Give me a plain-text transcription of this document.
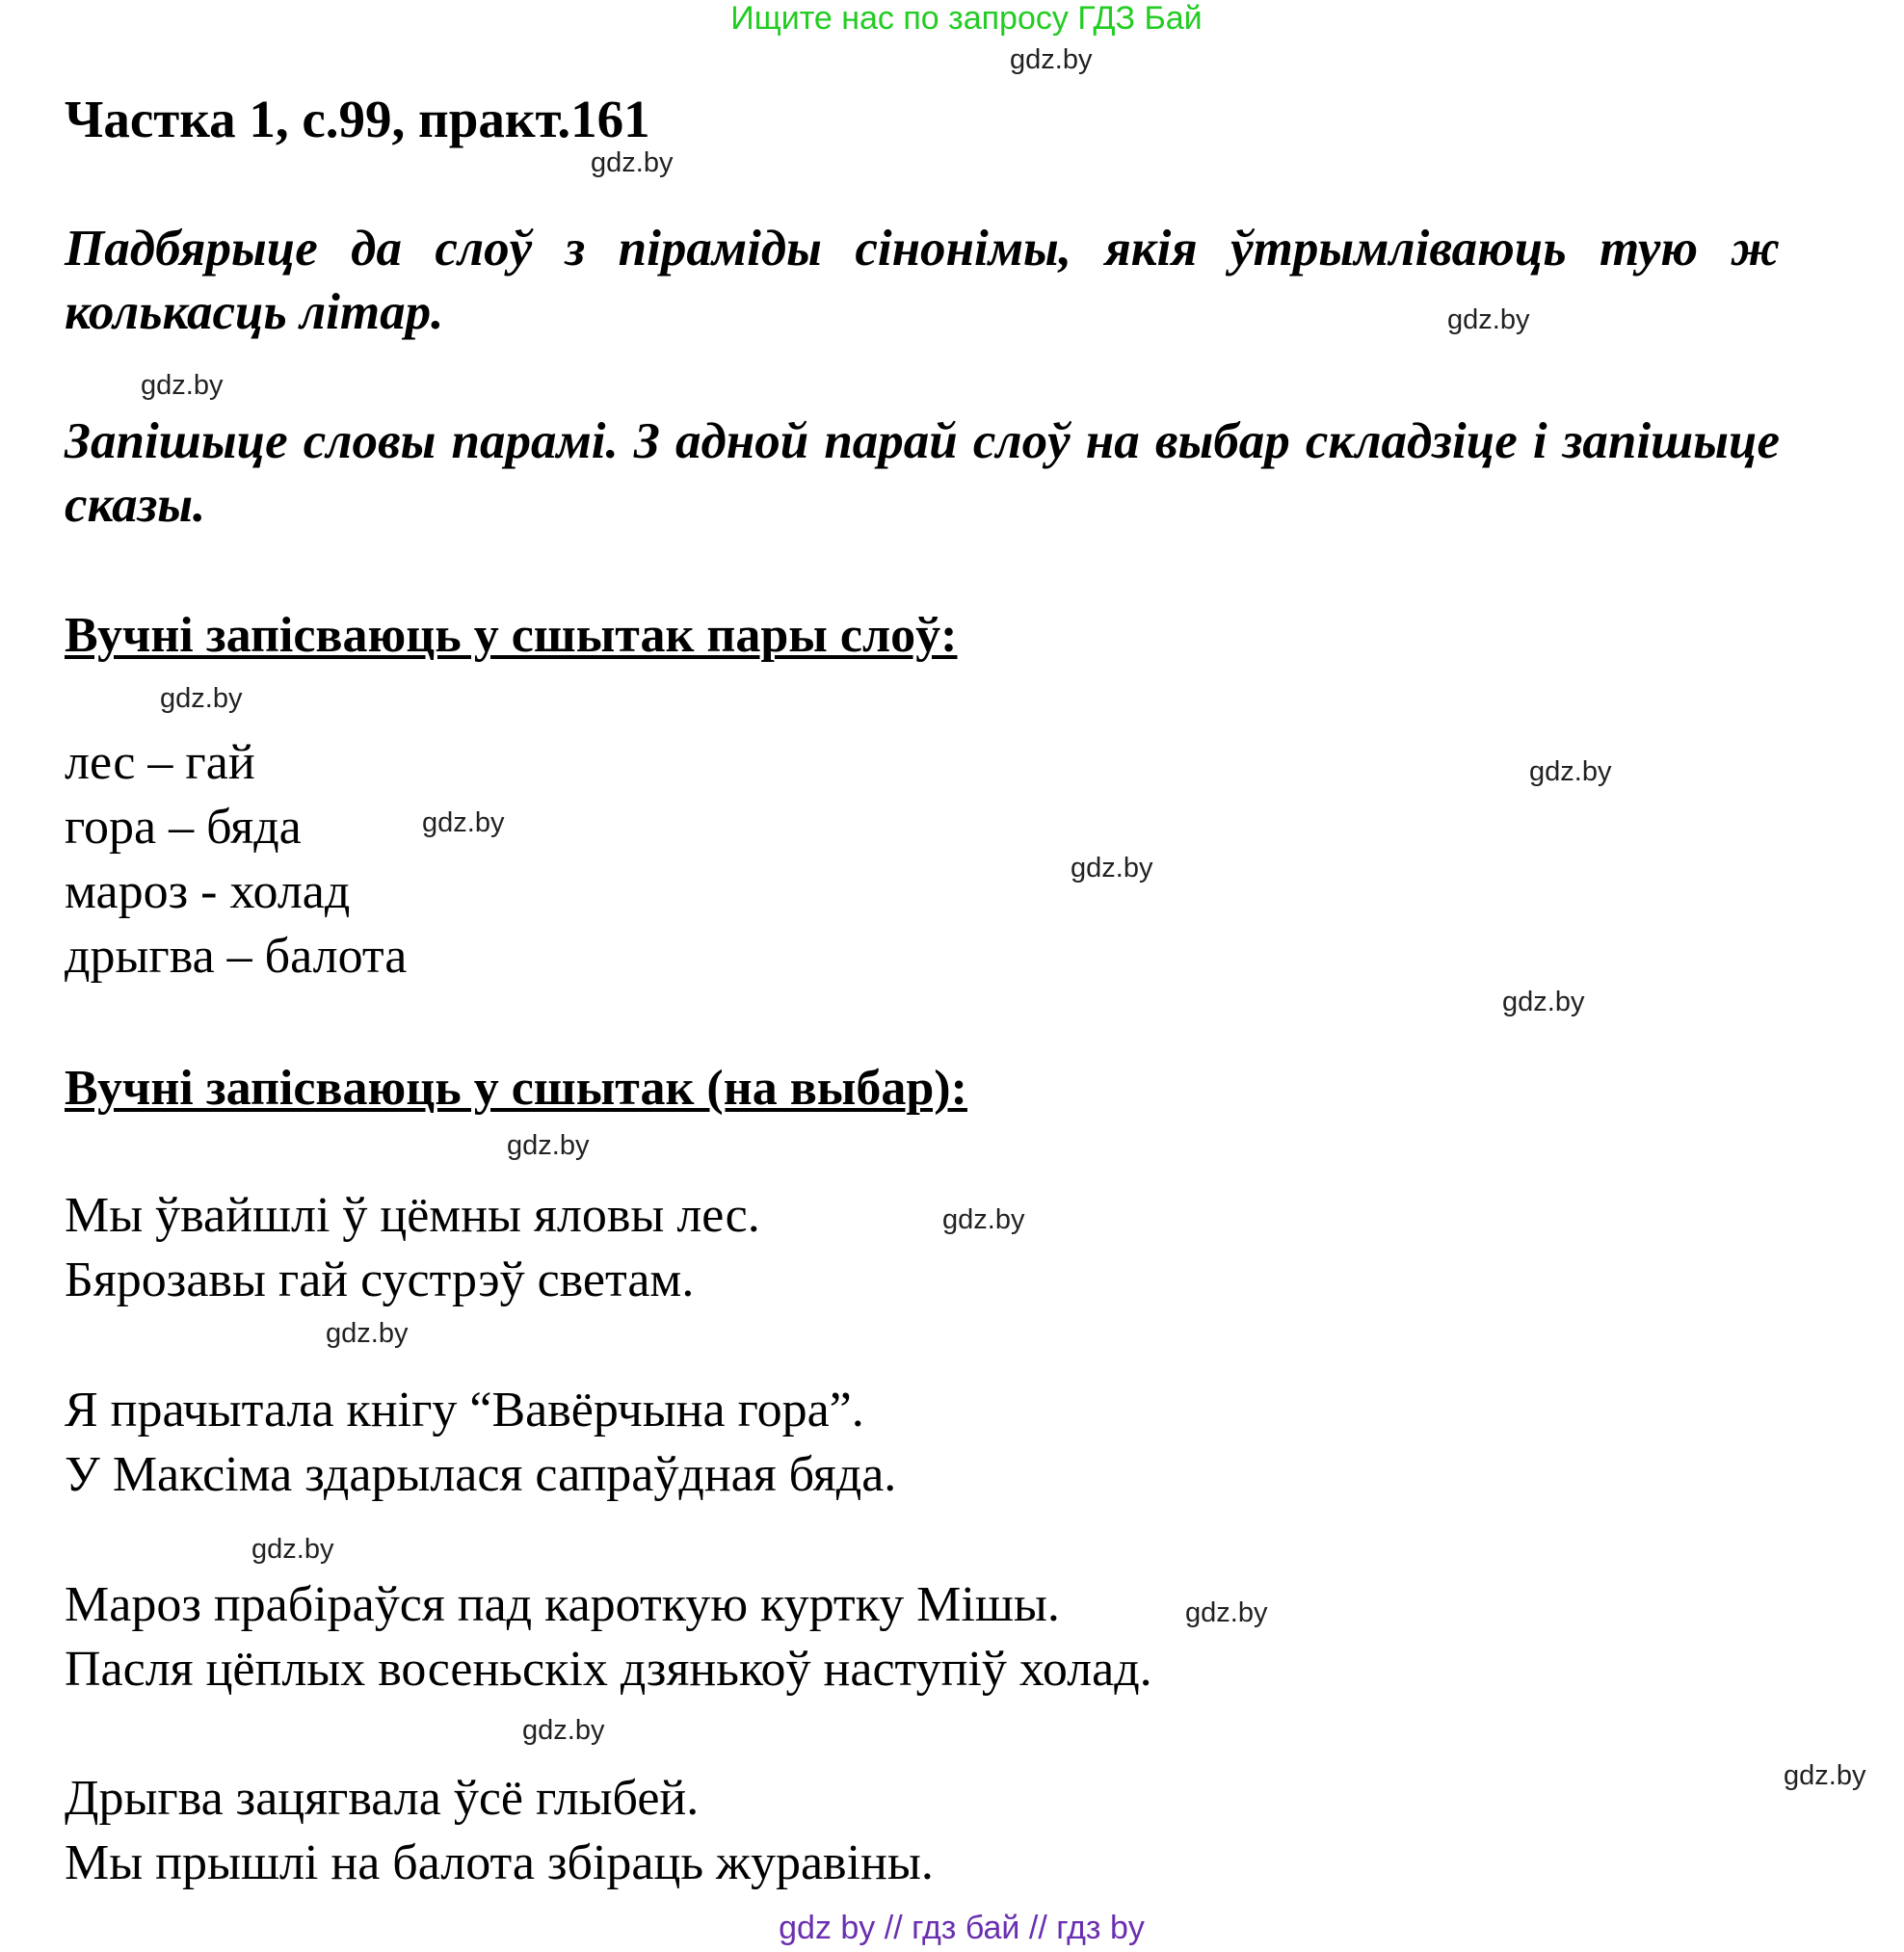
Ищите нас по запросу ГДЗ Бай
gdz.by
Частка 1, с.99, практ.161
gdz.by
Падбярыце да слоў з піраміды сінонімы, якія ўтрымліваюць тую ж колькасць літар.	gdz.by
gdz.by
Запішыце словы парамі. З адной парай слоў на выбар складзіце і запішыце сказы.
Вучні запісваюць у сшытак пары слоў:
gdz.by
лес – гай
гора – бяда
мароз - холад
дрыгва – балота
gdz.by
gdz.by
gdz.by
gdz.by
Вучні запісваюць у сшытак (на выбар):
gdz.by
Мы ўвайшлі ў цёмны яловы лес.	gdz.by
Бярозавы гай сустрэў светам.
gdz.by
Я прачытала кнігу “Вавёрчына гора”.
У Максіма здарылася сапраўдная бяда.
gdz.by
Мароз прабіраўся пад кароткую куртку Мішы.	gdz.by
Пасля цёплых восеньскіх дзянькоў наступіў холад.
gdz.by
gdz.by
Дрыгва зацягвала ўсё глыбей.
Мы прышлі на балота збіраць журавіны.
gdz by // гдз бай // гдз by
